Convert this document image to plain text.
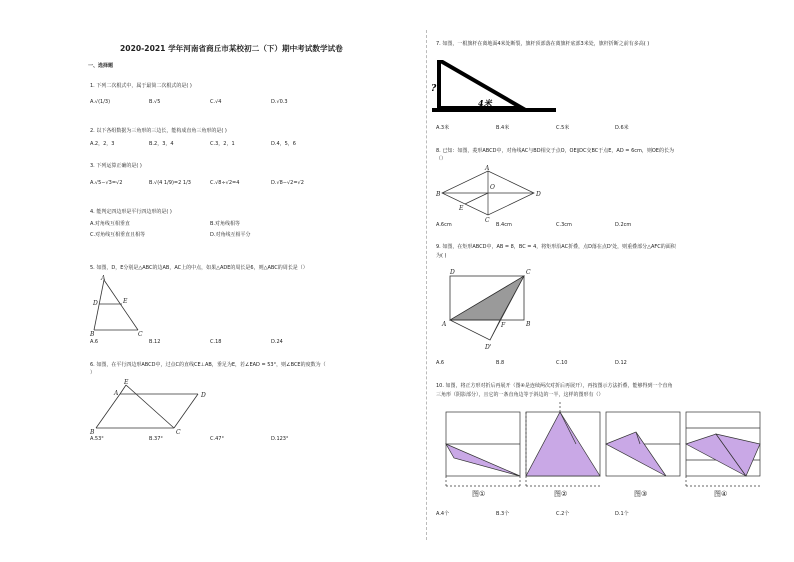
2020-2021 学年河南省商丘市某校初二（下）期中考试数学试卷
一、选择题
1. 下列二次根式中，属于最简二次根式的是( )
A.√(1/3)	B.√5	C.√4	D.√0.3
2. 以下各组数据为三角形的三边长，能构成直角三角形的是( )
A.2，2，3	B.2，3，4	C.3，2，1	D.4，5，6
3. 下列运算正确的是( )
A.√5−√3=√2	B.√(4 1/9)=2 1/3	C.√8÷√2=4	D.√8−√2=√2
4. 能判定四边形是平行四边形的是( )
A.对角线互相垂直	B.对角线相等
C.对角线互相垂直且相等	D.对角线互相平分
5. 如图，D，E分别是△ABC的边AB，AC上的中点，如果△ADE的周长是6，则△ABC的周长是（）
A
D	E
B	C
A.6	B.12	C.18	D.24
6. 如图，在平行四边形ABCD中，过点C的直线CE⊥AB，垂足为E，若∠EAD = 53°，则∠BCE的度数为（
）
E
A	D
B	C
A.53°	B.37°	C.47°	D.123°
7. 如图，一根旗杆在离地面4米处断裂，旗杆顶部落在离旗杆底部3米处，旗杆折断之前有多高( )
?
4米
A.3米	B.4米	C.5米	D.6米
8. 已知：如图，菱形ABCD中，对角线AC与BD相交于点O，OE∥DC交BC于点E，AD = 6cm，则OE的长为
（）
A
B
C
D
O
E
A.6cm	B.4cm	C.3cm	D.2cm
9. 如图，在矩形ABCD中，AB = 8，BC = 4，将矩形沿AC折叠，点D落在点D'处，则重叠部分△AFC的面积
为( )
D	C
A	F	B
D'
A.6	B.8	C.10	D.12
10. 如图，将正方形对折后再展开（图④是连续两次对折后再展开），再按图示方法折叠，能够得到一个直角
三角形（阴影部分），且它的一条直角边等于斜边的一半，这样的图形有（）
图①	图②	图③	图④
A.4个	B.3个	C.2个	D.1个
